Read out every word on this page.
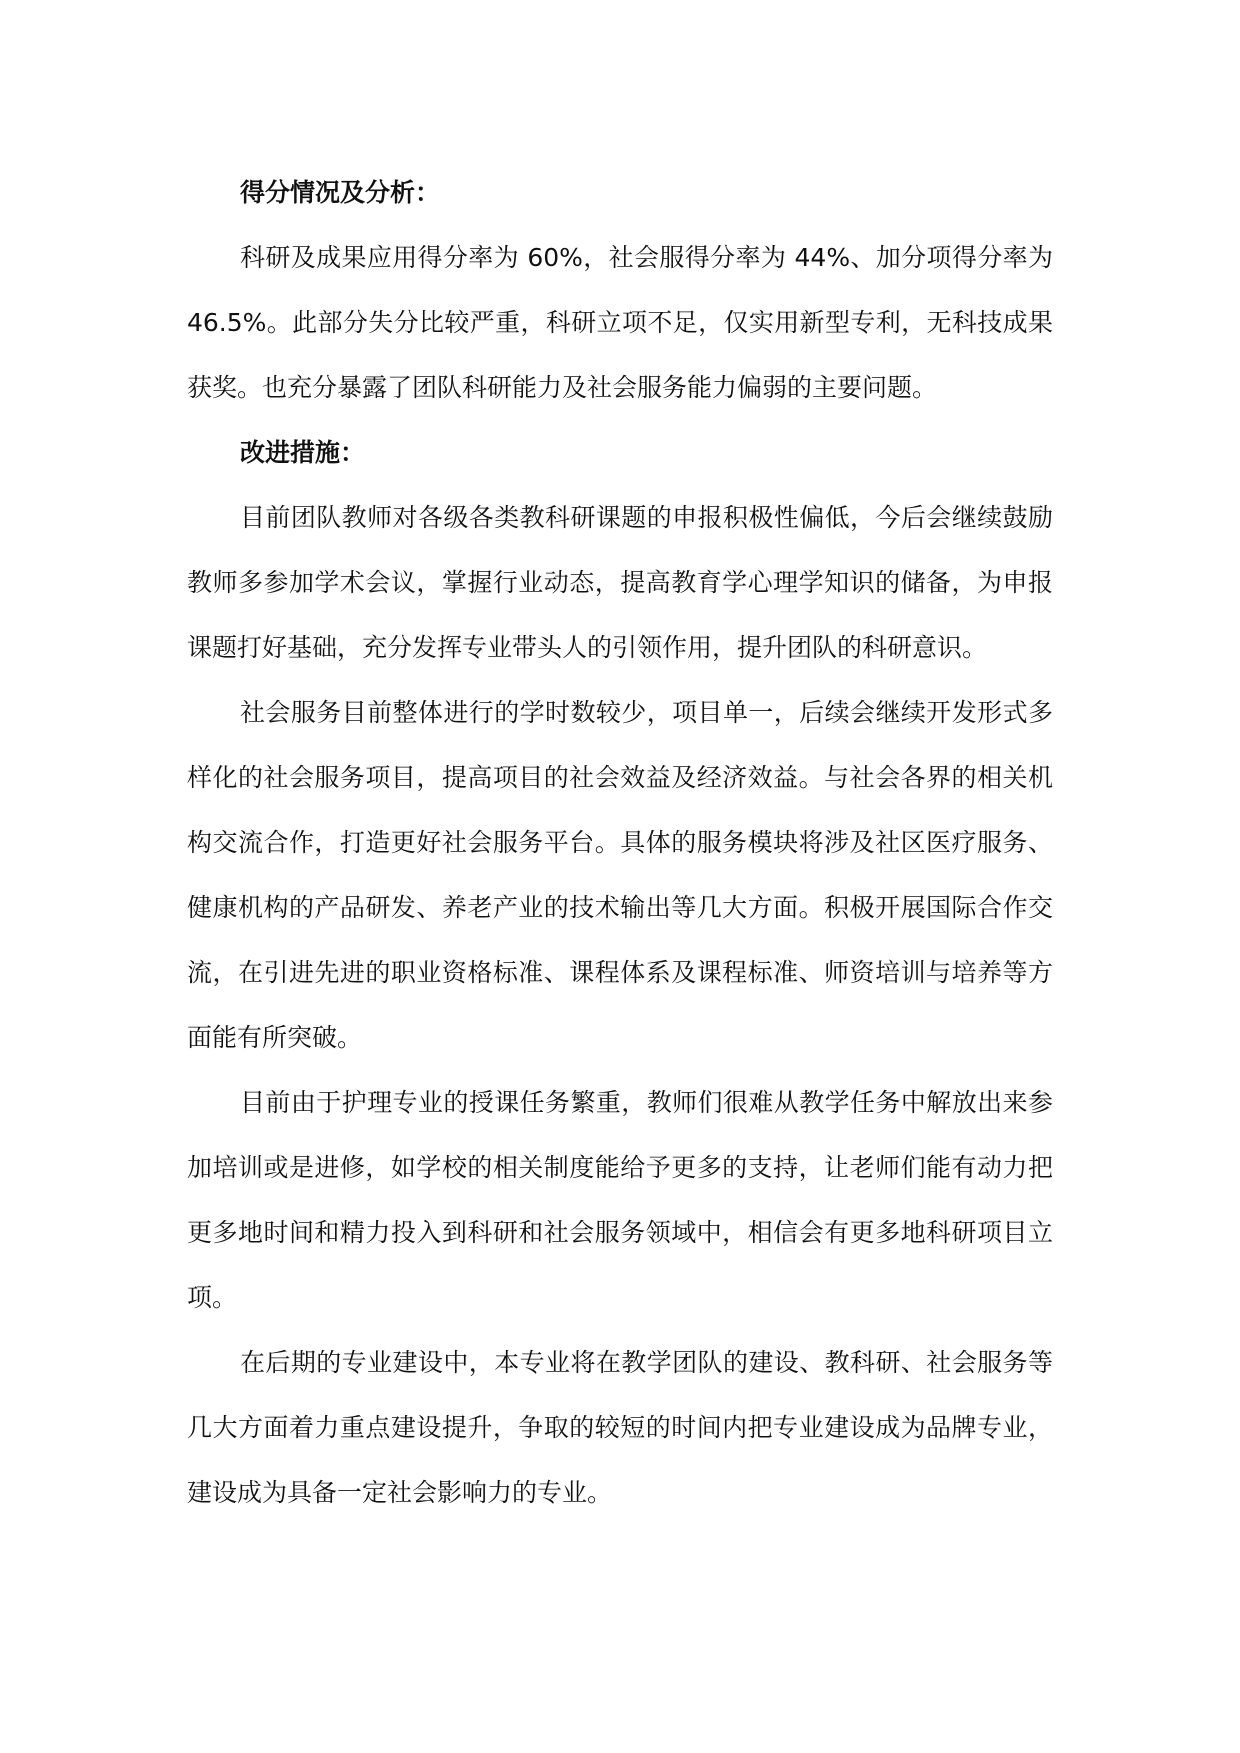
得分情况及分析：

科研及成果应用得分率为 60%，社会服得分率为 44%、加分项得分率为 46.5%。此部分失分比较严重，科研立项不足，仅实用新型专利，无科技成果获奖。也充分暴露了团队科研能力及社会服务能力偏弱的主要问题。

改进措施：

目前团队教师对各级各类教科研课题的申报积极性偏低，今后会继续鼓励教师多参加学术会议，掌握行业动态，提高教育学心理学知识的储备，为申报课题打好基础，充分发挥专业带头人的引领作用，提升团队的科研意识。

社会服务目前整体进行的学时数较少，项目单一，后续会继续开发形式多样化的社会服务项目，提高项目的社会效益及经济效益。与社会各界的相关机构交流合作，打造更好社会服务平台。具体的服务模块将涉及社区医疗服务、健康机构的产品研发、养老产业的技术输出等几大方面。积极开展国际合作交流，在引进先进的职业资格标准、课程体系及课程标准、师资培训与培养等方面能有所突破。

目前由于护理专业的授课任务繁重，教师们很难从教学任务中解放出来参加培训或是进修，如学校的相关制度能给予更多的支持，让老师们能有动力把更多地时间和精力投入到科研和社会服务领域中，相信会有更多地科研项目立项。

在后期的专业建设中，本专业将在教学团队的建设、教科研、社会服务等几大方面着力重点建设提升，争取的较短的时间内把专业建设成为品牌专业，建设成为具备一定社会影响力的专业。
